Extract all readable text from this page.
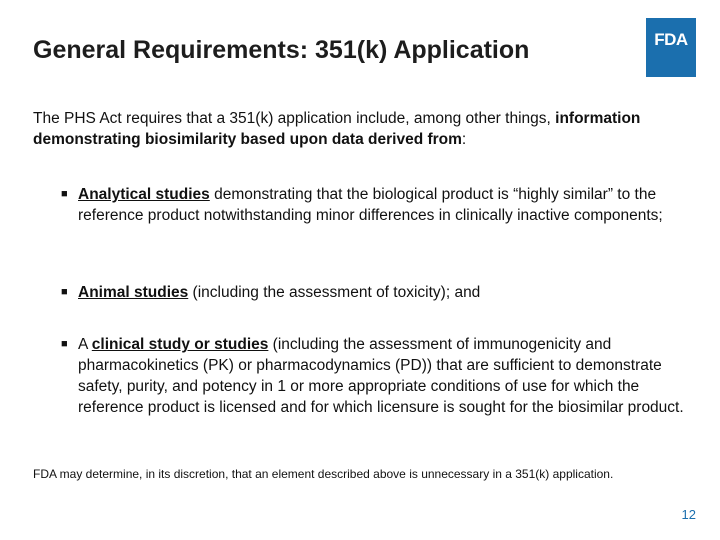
General Requirements: 351(k) Application	FDA
The PHS Act requires that a 351(k) application include, among other things, information demonstrating biosimilarity based upon data derived from:
■ Analytical studies demonstrating that the biological product is “highly similar” to the reference product notwithstanding minor differences in clinically inactive components;
■ Animal studies (including the assessment of toxicity); and
■ A clinical study or studies (including the assessment of immunogenicity and pharmacokinetics (PK) or pharmacodynamics (PD)) that are sufficient to demonstrate safety, purity, and potency in 1 or more appropriate conditions of use for which the reference product is licensed and for which licensure is sought for the biosimilar product.
FDA may determine, in its discretion, that an element described above is unnecessary in a 351(k) application.
12
